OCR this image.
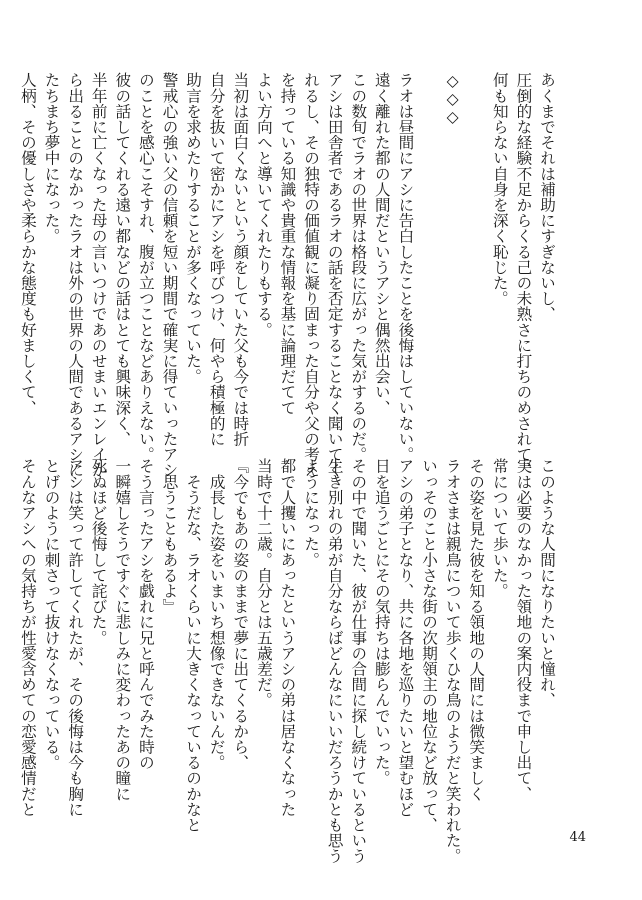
あくまでそれは補助にすぎないし、
圧倒的な経験不足からくる己の未熟さに打ちのめされて、
何も知らない自身を深く恥じた。
◇◇◇
ラオは昼間にアシに告白したことを後悔はしていない。
遠く離れた都の人間だというアシと偶然出会い、
この数旬でラオの世界は格段に広がった気がするのだ。
アシは田舎者であるラオの話を否定することなく聞いてく
れるし、その独特の価値観に凝り固まった自分や父の考え
を持っている知識や貴重な情報を基に論理だてて
よい方向へと導いてくれたりもする。
当初は面白くないという顔をしていた父も今では時折
自分を抜いて密かにアシを呼びつけ、何やら積極的に
助言を求めたりすることが多くなっていた。
警戒心の強い父の信頼を短い期間で確実に得ていったアシ
のことを感心こそすれ、腹が立つことなどありえない。
彼の話してくれる遠い都などの話はとても興味深く、
半年前に亡くなった母の言いつけであのせまいエンレイか
ら出ることのなかったラオは外の世界の人間であるアシに
たちまち夢中になった。
人柄、その優しさや柔らかな態度も好ましくて、
このような人間になりたいと憧れ、
実は必要のなかった領地の案内役まで申し出て、
常について歩いた。
その姿を見た彼を知る領地の人間には微笑ましく
ラオさまは親鳥について歩くひな鳥のようだと笑われた。
いっそのこと小さな街の次期領主の地位など放って、
アシの弟子となり、共に各地を巡りたいと望むほど
日を追うごとにその気持ちは膨らんでいった。
その中で聞いた、彼が仕事の合間に探し続けているという
生き別れの弟が自分ならばどんなにいいだろうかとも思う
ようになった。
都で人攫いにあったというアシの弟は居なくなった
当時で十二歳。自分とは五歳差だ。
『今でもあの姿のままで夢に出てくるから、
　成長した姿をいまいち想像できないんだ。
　そうだな、ラオくらいに大きくなっているのかなと
　思うこともあるよ』
そう言ったアシを戯れに兄と呼んでみた時の
一瞬嬉しそうですぐに悲しみに変わったあの瞳に
死ぬほど後悔して詫びた。
アシは笑って許してくれたが、その後悔は今も胸に
とげのように刺さって抜けなくなっている。
そんなアシへの気持ちが性愛含めての恋愛感情だと
44
